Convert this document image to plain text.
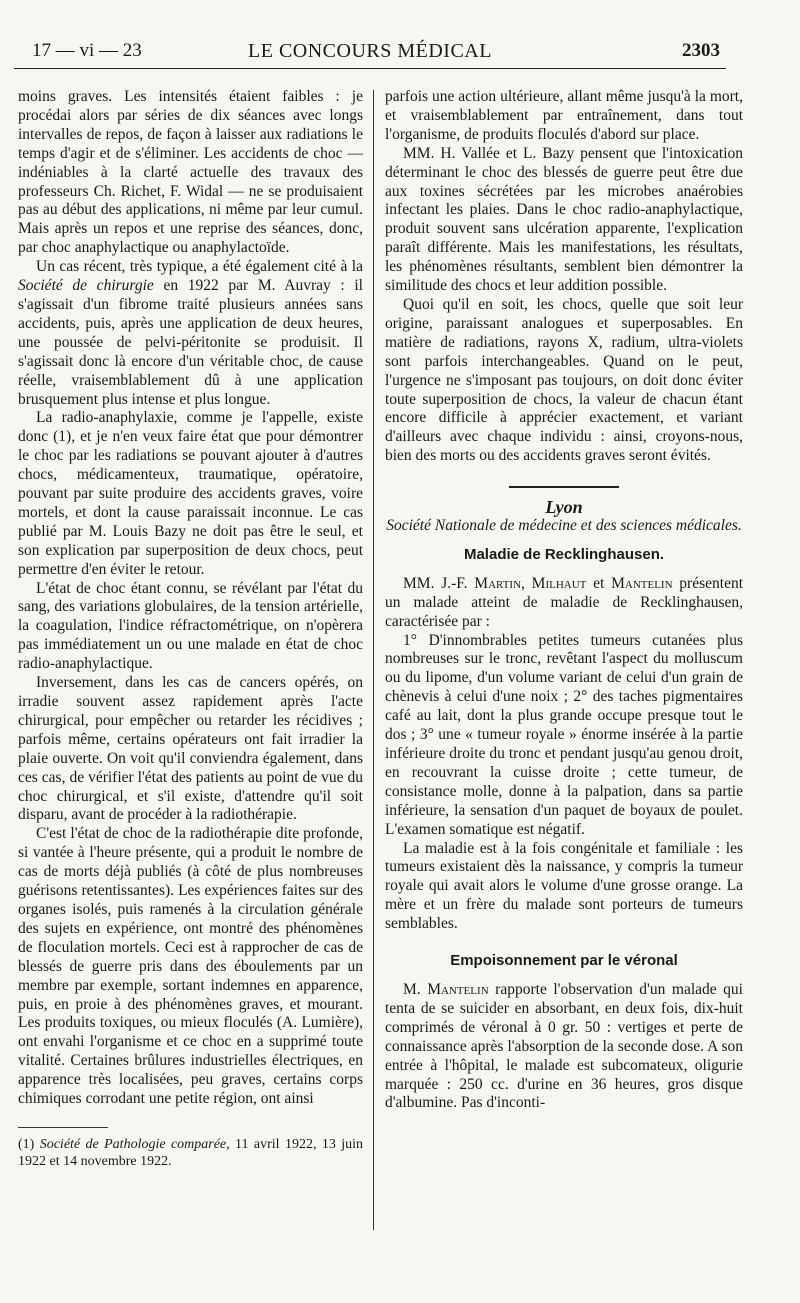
17 — vi — 23	LE CONCOURS MÉDICAL	2303

moins graves. Les intensités étaient faibles : je procédai alors par séries de dix séances avec longs intervalles de repos, de façon à laisser aux radiations le temps d'agir et de s'éliminer. Les accidents de choc — indéniables à la clarté actuelle des travaux des professeurs Ch. Richet, F. Widal — ne se produisaient pas au début des applications, ni même par leur cumul. Mais après un repos et une reprise des séances, donc, par choc anaphylactique ou anaphylactoïde.

Un cas récent, très typique, a été également cité à la Société de chirurgie en 1922 par M. Auvray : il s'agissait d'un fibrome traité plusieurs années sans accidents, puis, après une application de deux heures, une poussée de pelvi-péritonite se produisit. Il s'agissait donc là encore d'un véritable choc, de cause réelle, vraisemblablement dû à une application brusquement plus intense et plus longue.

La radio-anaphylaxie, comme je l'appelle, existe donc (1), et je n'en veux faire état que pour démontrer le choc par les radiations se pouvant ajouter à d'autres chocs, médicamenteux, traumatique, opératoire, pouvant par suite produire des accidents graves, voire mortels, et dont la cause paraissait inconnue. Le cas publié par M. Louis Bazy ne doit pas être le seul, et son explication par superposition de deux chocs, peut permettre d'en éviter le retour.

L'état de choc étant connu, se révélant par l'état du sang, des variations globulaires, de la tension artérielle, la coagulation, l'indice réfractométrique, on n'opèrera pas immédiatement un ou une malade en état de choc radio-anaphylactique.

Inversement, dans les cas de cancers opérés, on irradie souvent assez rapidement après l'acte chirurgical, pour empêcher ou retarder les récidives ; parfois même, certains opérateurs ont fait irradier la plaie ouverte. On voit qu'il conviendra également, dans ces cas, de vérifier l'état des patients au point de vue du choc chirurgical, et s'il existe, d'attendre qu'il soit disparu, avant de procéder à la radiothérapie.

C'est l'état de choc de la radiothérapie dite profonde, si vantée à l'heure présente, qui a produit le nombre de cas de morts déjà publiés (à côté de plus nombreuses guérisons retentissantes). Les expériences faites sur des organes isolés, puis ramenés à la circulation générale des sujets en expérience, ont montré des phénomènes de floculation mortels. Ceci est à rapprocher de cas de blessés de guerre pris dans des éboulements par un membre par exemple, sortant indemnes en apparence, puis, en proie à des phénomènes graves, et mourant. Les produits toxiques, ou mieux floculés (A. Lumière), ont envahi l'organisme et ce choc en a supprimé toute vitalité. Certaines brûlures industrielles électriques, en apparence très localisées, peu graves, certains corps chimiques corrodant une petite région, ont ainsi

(1) Société de Pathologie comparée, 11 avril 1922, 13 juin 1922 et 14 novembre 1922.

parfois une action ultérieure, allant même jusqu'à la mort, et vraisemblablement par entraînement, dans tout l'organisme, de produits floculés d'abord sur place.

MM. H. Vallée et L. Bazy pensent que l'intoxication déterminant le choc des blessés de guerre peut être due aux toxines sécrétées par les microbes anaérobies infectant les plaies. Dans le choc radio-anaphylactique, produit souvent sans ulcération apparente, l'explication paraît différente. Mais les manifestations, les résultats, les phénomènes résultants, semblent bien démontrer la similitude des chocs et leur addition possible.

Quoi qu'il en soit, les chocs, quelle que soit leur origine, paraissant analogues et superposables. En matière de radiations, rayons X, radium, ultra-violets sont parfois interchangeables. Quand on le peut, l'urgence ne s'imposant pas toujours, on doit donc éviter toute superposition de chocs, la valeur de chacun étant encore difficile à apprécier exactement, et variant d'ailleurs avec chaque individu : ainsi, croyons-nous, bien des morts ou des accidents graves seront évités.

Lyon

Société Nationale de médecine et des sciences médicales.

Maladie de Recklinghausen.

MM. J.-F. Martin, Milhaut et Mantelin présentent un malade atteint de maladie de Recklinghausen, caractérisée par :

1° D'innombrables petites tumeurs cutanées plus nombreuses sur le tronc, revêtant l'aspect du molluscum ou du lipome, d'un volume variant de celui d'un grain de chènevis à celui d'une noix ; 2° des taches pigmentaires café au lait, dont la plus grande occupe presque tout le dos ; 3° une « tumeur royale » énorme insérée à la partie inférieure droite du tronc et pendant jusqu'au genou droit, en recouvrant la cuisse droite ; cette tumeur, de consistance molle, donne à la palpation, dans sa partie inférieure, la sensation d'un paquet de boyaux de poulet. L'examen somatique est négatif.

La maladie est à la fois congénitale et familiale : les tumeurs existaient dès la naissance, y compris la tumeur royale qui avait alors le volume d'une grosse orange. La mère et un frère du malade sont porteurs de tumeurs semblables.

Empoisonnement par le véronal

M. Mantelin rapporte l'observation d'un malade qui tenta de se suicider en absorbant, en deux fois, dix-huit comprimés de véronal à 0 gr. 50 : vertiges et perte de connaissance après l'absorption de la seconde dose. A son entrée à l'hôpital, le malade est subcomateux, oligurie marquée : 250 cc. d'urine en 36 heures, gros disque d'albumine. Pas d'inconti-
